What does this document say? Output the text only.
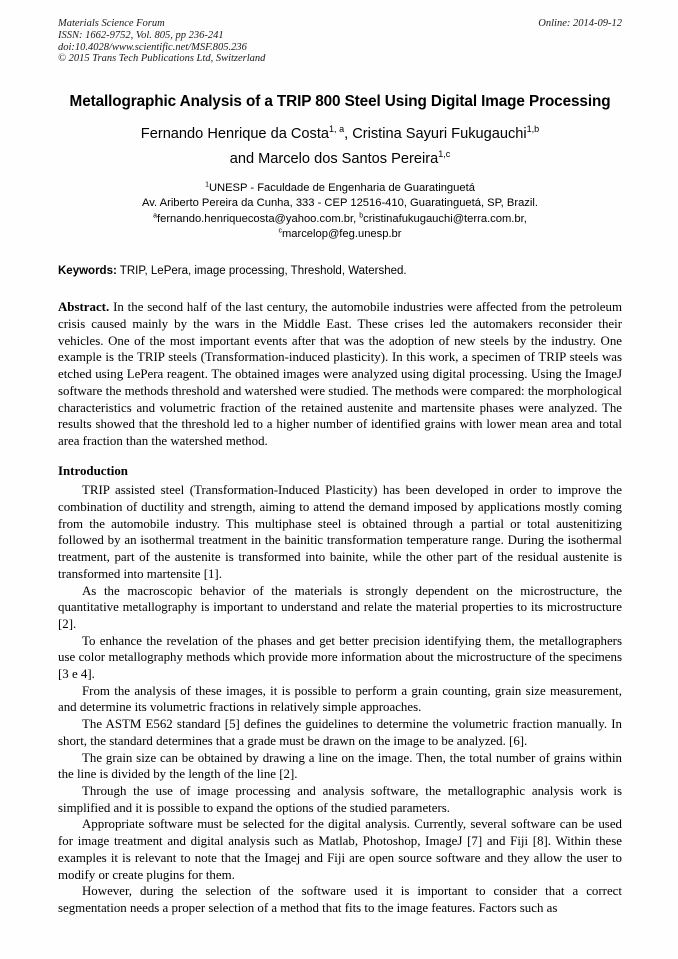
Materials Science Forum
ISSN: 1662-9752, Vol. 805, pp 236-241
doi:10.4028/www.scientific.net/MSF.805.236
© 2015 Trans Tech Publications Ltd, Switzerland
Online: 2014-09-12
Metallographic Analysis of a TRIP 800 Steel Using Digital Image Processing
Fernando Henrique da Costa$^{1, a}$, Cristina Sayuri Fukugauchi$^{1,b}$
and Marcelo dos Santos Pereira$^{1,c}$
$^1$UNESP - Faculdade de Engenharia de Guaratinguetá
Av. Ariberto Pereira da Cunha, 333 - CEP 12516-410, Guaratinguetá, SP, Brazil.
$^a$fernando.henriquecosta@yahoo.com.br, $^b$cristinafukugauchi@terra.com.br,
$^c$marcelop@feg.unesp.br
Keywords: TRIP, LePera, image processing, Threshold, Watershed.
Abstract. In the second half of the last century, the automobile industries were affected from the petroleum crisis caused mainly by the wars in the Middle East. These crises led the automakers reconsider their vehicles. One of the most important events after that was the adoption of new steels by the industry. One example is the TRIP steels (Transformation-induced plasticity). In this work, a specimen of TRIP steels was etched using LePera reagent. The obtained images were analyzed using digital processing. Using the ImageJ software the methods threshold and watershed were studied. The methods were compared: the morphological characteristics and volumetric fraction of the retained austenite and martensite phases were analyzed. The results showed that the threshold led to a higher number of identified grains with lower mean area and total area fraction than the watershed method.
Introduction

TRIP assisted steel (Transformation-Induced Plasticity) has been developed in order to improve the combination of ductility and strength, aiming to attend the demand imposed by applications mostly coming from the automobile industry. This multiphase steel is obtained through a partial or total austenitizing followed by an isothermal treatment in the bainitic transformation temperature range. During the isothermal treatment, part of the austenite is transformed into bainite, while the other part of the residual austenite is transformed into martensite [1].

As the macroscopic behavior of the materials is strongly dependent on the microstructure, the quantitative metallography is important to understand and relate the material properties to its microstructure [2].

To enhance the revelation of the phases and get better precision identifying them, the metallographers use color metallography methods which provide more information about the microstructure of the specimens [3 e 4].

From the analysis of these images, it is possible to perform a grain counting, grain size measurement, and determine its volumetric fractions in relatively simple approaches.

The ASTM E562 standard [5] defines the guidelines to determine the volumetric fraction manually. In short, the standard determines that a grade must be drawn on the image to be analyzed. [6].

The grain size can be obtained by drawing a line on the image. Then, the total number of grains within the line is divided by the length of the line [2].

Through the use of image processing and analysis software, the metallographic analysis work is simplified and it is possible to expand the options of the studied parameters.

Appropriate software must be selected for the digital analysis. Currently, several software can be used for image treatment and digital analysis such as Matlab, Photoshop, ImageJ [7] and Fiji [8]. Within these examples it is relevant to note that the Imagej and Fiji are open source software and they allow the user to modify or create plugins for them.

However, during the selection of the software used it is important to consider that a correct segmentation needs a proper selection of a method that fits to the image features. Factors such as
